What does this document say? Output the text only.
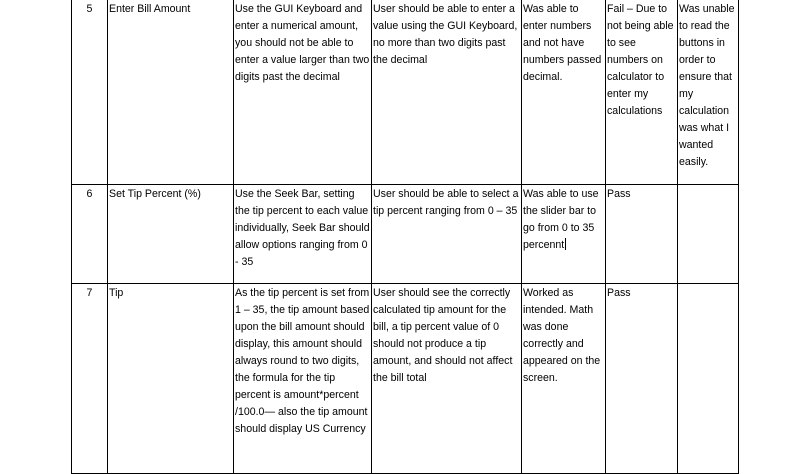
5	Enter Bill Amount	Use the GUI Keyboard and enter a numerical amount, you should not be able to enter a value larger than two digits past the decimal	User should be able to enter a value using the GUI Keyboard, no more than two digits past the decimal	Was able to enter numbers and not have numbers passed decimal.	Fail – Due to not being able to see numbers on calculator to enter my calculations	Was unable to read the buttons in order to ensure that my calculation was what I wanted easily.
6	Set Tip Percent (%)	Use the Seek Bar, setting the tip percent to each value individually, Seek Bar should allow options ranging from 0 - 35	User should be able to select a tip percent ranging from 0 – 35	Was able to use the slider bar to go from 0 to 35 percennt	Pass	
7	Tip	As the tip percent is set from 1 – 35, the tip amount based upon the bill amount should display, this amount should always round to two digits, the formula for the tip percent is amount*percent /100.0— also the tip amount should display US Currency	User should see the correctly calculated tip amount for the bill, a tip percent value of 0 should not produce a tip amount, and should not affect the bill total	Worked as intended. Math was done correctly and appeared on the screen.	Pass	
